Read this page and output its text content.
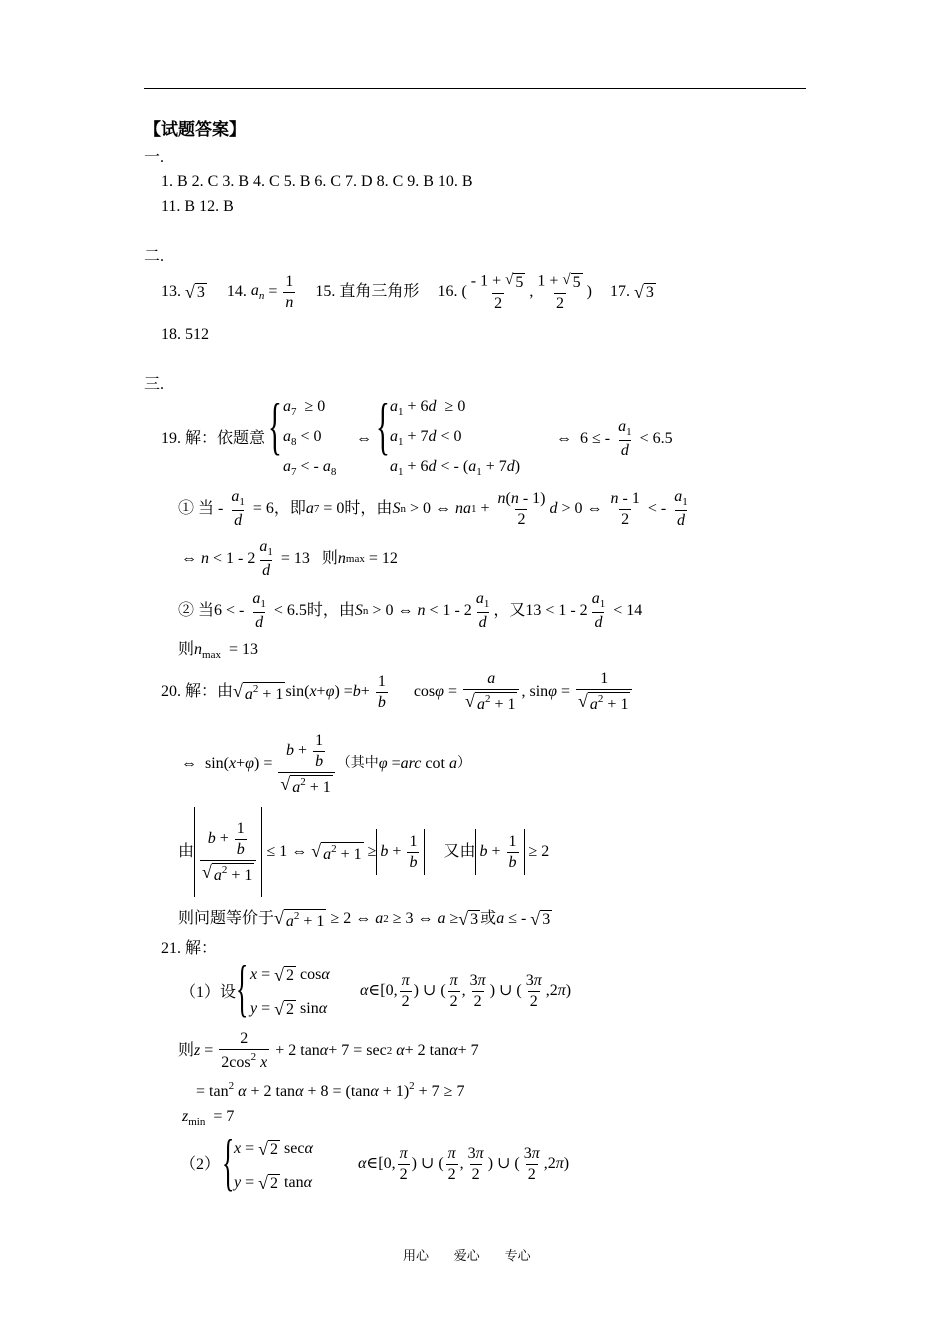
【试题答案】
一.
1. B 2. C 3. B 4. C 5. B 6. C 7. D 8. C 9. B 10. B
11. B 12. B
二.
13.
√ 3 14.
$a_n = \frac{1}{n} 15$. 直角三角形 16. ( $\frac{- 1 + √ 5}{2}$ , $\frac{1 + √ 5}{2}$ ) 17.
√ 3
18. 512
三.
19. 解：依题意 { $a_7 \ge 0$
$a_8 < 0$
$a_7$ < - $a_8$
⇔ { $a_1 + 6d \ge 0$
$a_1 + 7d < 0$
$a_1 + 6d$ < - $(a_1 + 7d)$
⇔  6 ≤ - $\frac{a_1}{d} < 6.5$
① 当 - $\frac{a_1}{d} = 6$ ，即 a 7 = 0 时，由 S n > 0 ⇔ na $1 + \frac{n(n - 1)}{2}$ d > 0 ⇔ $\frac{n - 1}{2}$ < - $\frac{a_1}{d}$
⇔ $n < 1 - 2 \frac{a_1}{d} = 13$ 则 n max = 12
② 当 6 < - $\frac{a_1}{d} < 6.5$ 时，由 S n > 0 ⇔ $n < 1 - 2 \frac{a_1}{d}$ ，又 $13 < 1 - 2 \frac{a_1}{d} < 14$
则$n_{max} = 13$
20. 解：由 √ $a^2 + 1$ sin( x + φ ) = $b + \frac{1}{b}$ $\cos \varphi = \frac{a}{√ a^2 + 1}$ , $\sin \varphi = \frac{1}{√ a^2 + 1}$
⇔  sin( x + φ ) = $\frac{b + \frac{1}{b}}{√ a^2 + 1}$ （其中 φ = arc cot a ）
由 $\frac{b + \frac{1}{b}}{√ a^2 + 1} \le 1$ ⇔ √ $a^2 + 1 \ge b + \frac{1}{b}$ 又由 $b + \frac{1}{b} \ge 2$
则问题等价于 √ $a^2 + 1 \ge 2$ ⇔ a 2 ≥ 3 ⇔ a ≥ √ 3 或 a ≤ - √ 3
21. 解：
（1）设 { x = √ 2 cos α
y = √ 2 sin α
α ∈[0, $\frac{\pi}{2}$ ) ∪ ( $\frac{\pi}{2}$ , $\frac{3\pi}{2}$ ) ∪ ( $\frac{3\pi}{2} ,2$ π )
则 $z = \frac{2}{2\cos^2 x} + 2$ tan α + 7 = sec 2
α + 2 tan α + 7
= $\tan^2 \alpha + 2$ $\tan\alpha + 8 = (\tan\alpha + 1)^2 + 7 \ge 7$
$z_{min} = 7$
（2） { x = √ 2 sec α
y = √ 2 tan α
α ∈[0, $\frac{\pi}{2}$ ) ∪ ( $\frac{\pi}{2}$ , $\frac{3\pi}{2}$ ) ∪ ( $\frac{3\pi}{2} ,2$ π )
用心      爱心      专心
